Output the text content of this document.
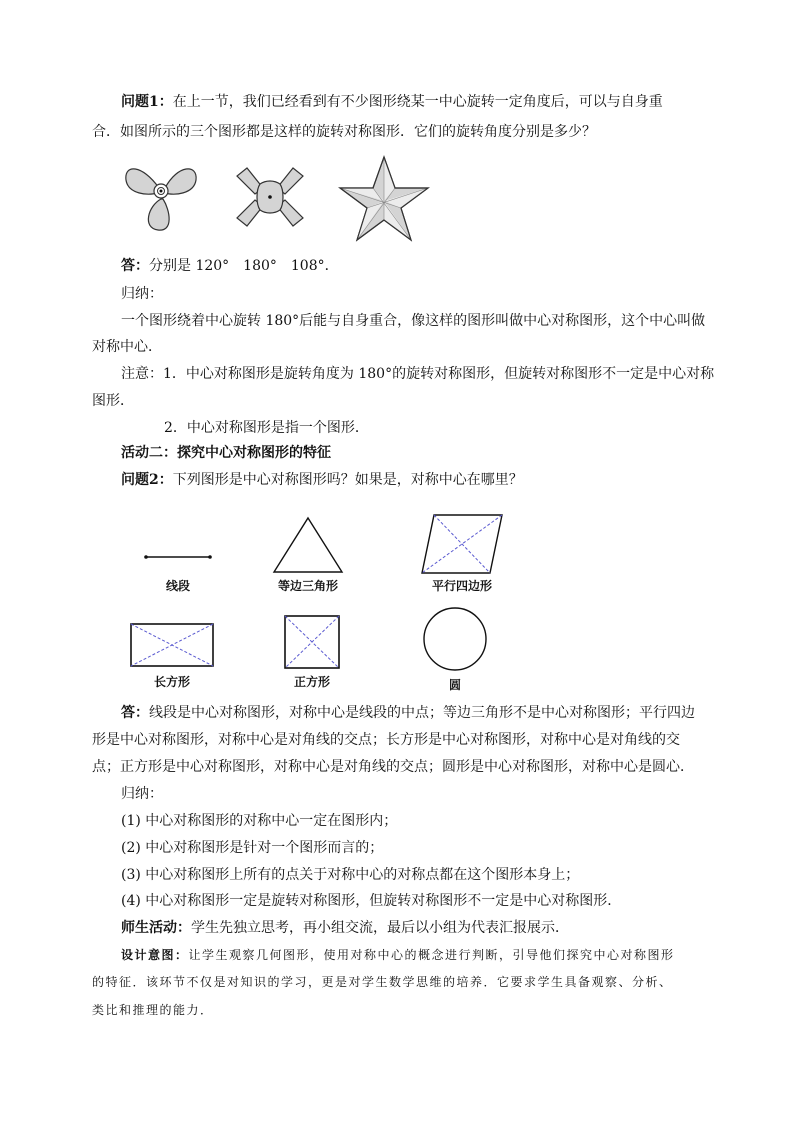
问题1：在上一节，我们已经看到有不少图形绕某一中心旋转一定角度后，可以与自身重
合．如图所示的三个图形都是这样的旋转对称图形．它们的旋转角度分别是多少？
答：分别是 120°　180°　108°．
归纳：
一个图形绕着中心旋转 180°后能与自身重合，像这样的图形叫做中心对称图形，这个中心叫做
对称中心．
注意：1．中心对称图形是旋转角度为 180°的旋转对称图形，但旋转对称图形不一定是中心对称
图形．
2．中心对称图形是指一个图形．
活动二：探究中心对称图形的特征
问题2：下列图形是中心对称图形吗？如果是，对称中心在哪里？
线段	等边三角形	平行四边形
长方形	正方形	圆
答：线段是中心对称图形，对称中心是线段的中点；等边三角形不是中心对称图形；平行四边
形是中心对称图形，对称中心是对角线的交点；长方形是中心对称图形，对称中心是对角线的交
点；正方形是中心对称图形，对称中心是对角线的交点；圆形是中心对称图形，对称中心是圆心．
归纳：
(1) 中心对称图形的对称中心一定在图形内；
(2) 中心对称图形是针对一个图形而言的；
(3) 中心对称图形上所有的点关于对称中心的对称点都在这个图形本身上；
(4) 中心对称图形一定是旋转对称图形，但旋转对称图形不一定是中心对称图形．
师生活动：学生先独立思考，再小组交流，最后以小组为代表汇报展示．
设计意图：让学生观察几何图形，使用对称中心的概念进行判断，引导他们探究中心对称图形
的特征．该环节不仅是对知识的学习，更是对学生数学思维的培养．它要求学生具备观察、分析、
类比和推理的能力．
